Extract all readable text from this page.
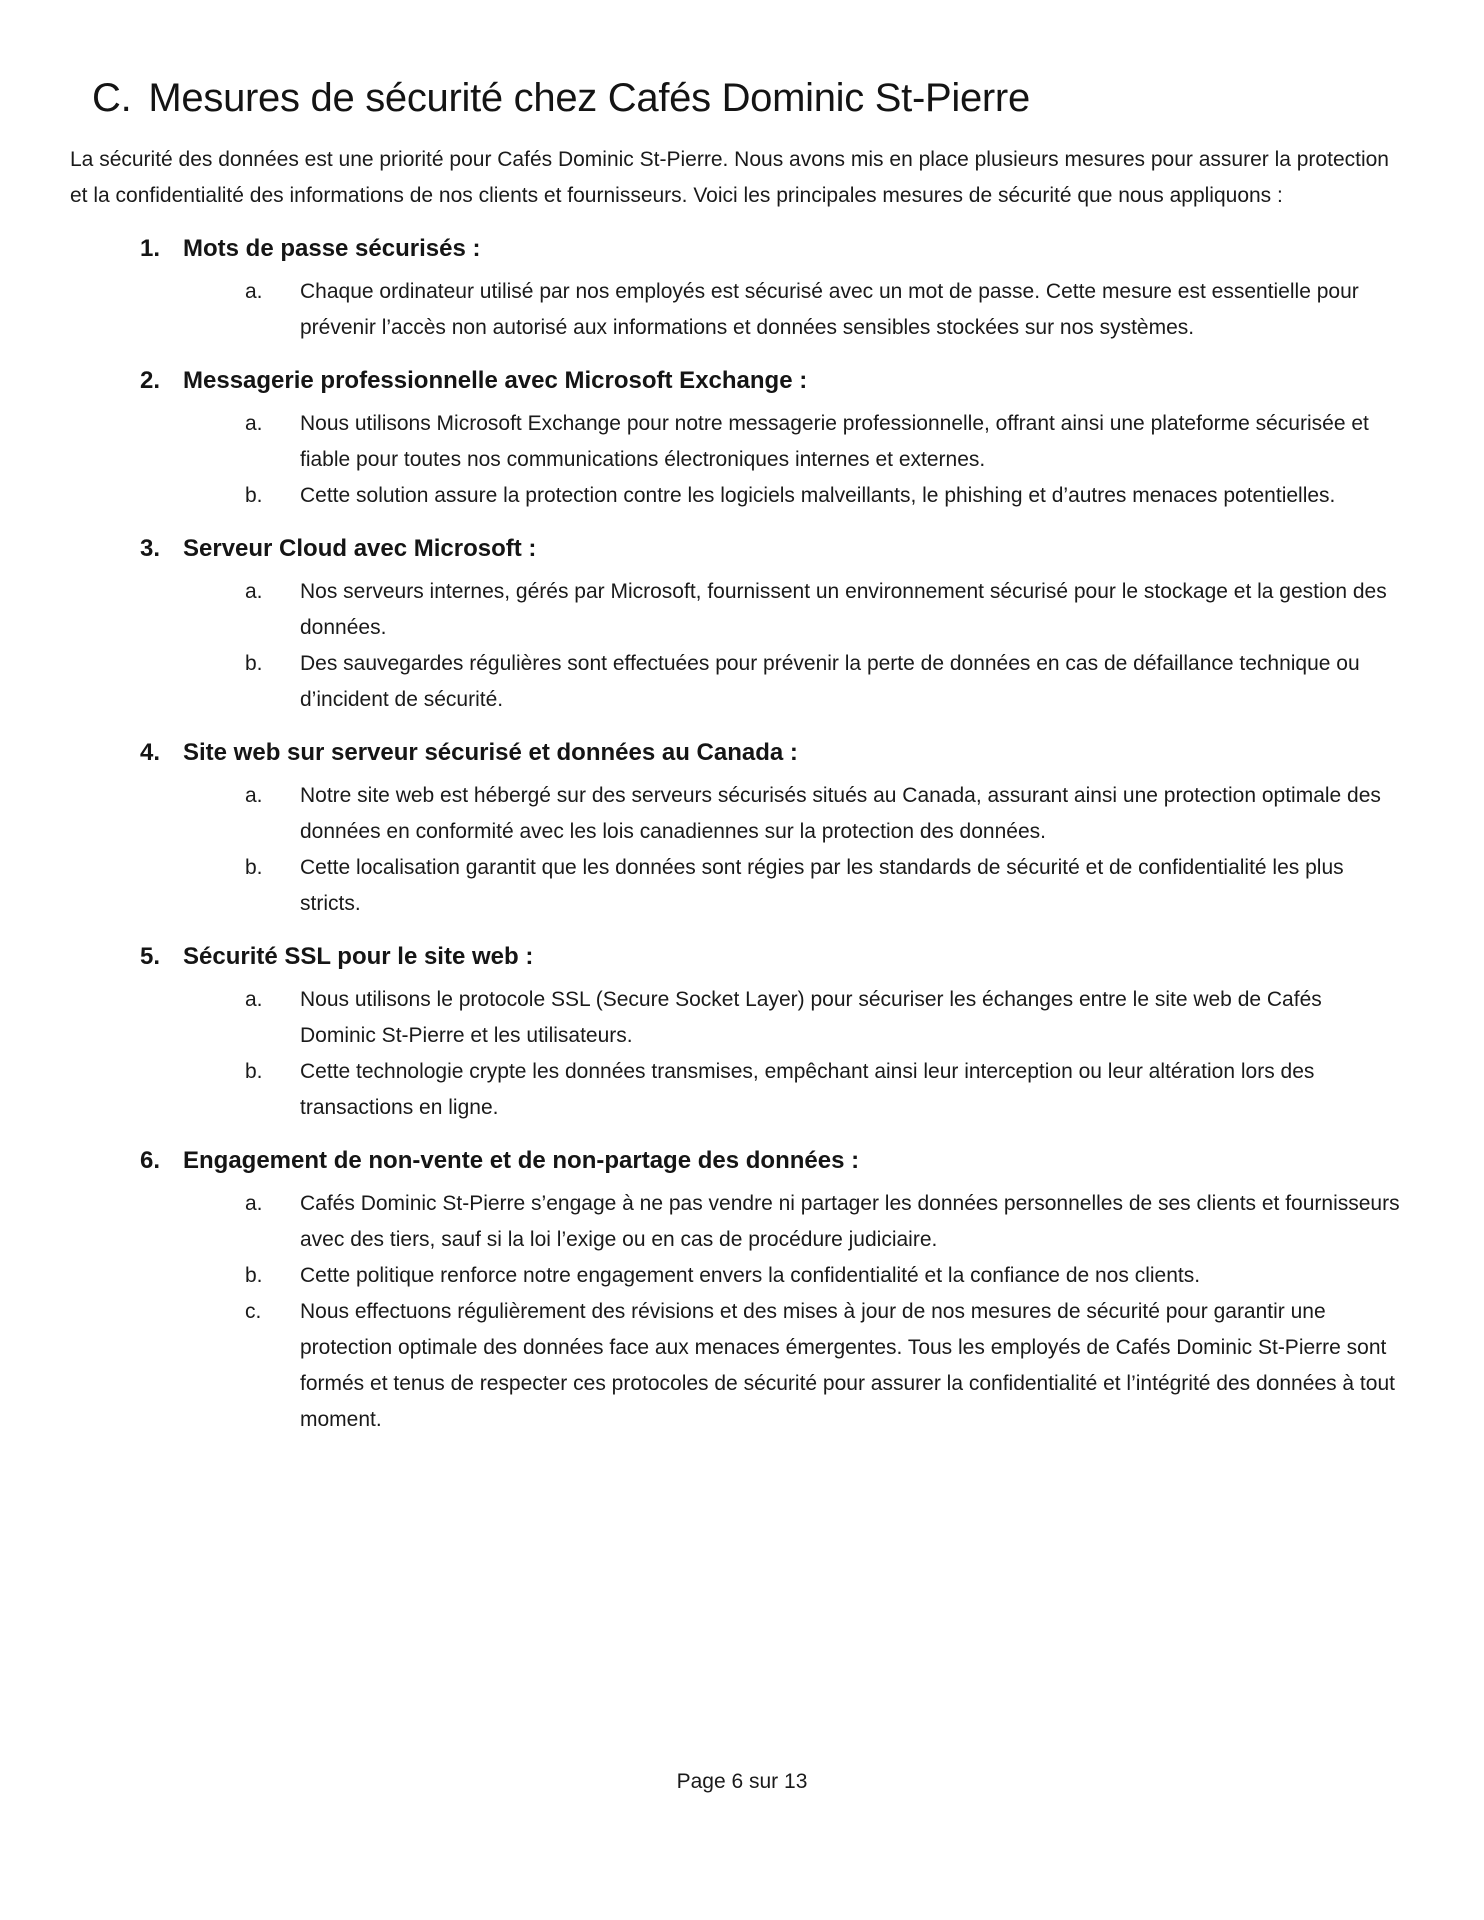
C. Mesures de sécurité chez Cafés Dominic St-Pierre

La sécurité des données est une priorité pour Cafés Dominic St-Pierre. Nous avons mis en place plusieurs mesures pour assurer la protection et la confidentialité des informations de nos clients et fournisseurs. Voici les principales mesures de sécurité que nous appliquons :

1. Mots de passe sécurisés :
a.	Chaque ordinateur utilisé par nos employés est sécurisé avec un mot de passe. Cette mesure est essentielle pour prévenir l’accès non autorisé aux informations et données sensibles stockées sur nos systèmes.
2. Messagerie professionnelle avec Microsoft Exchange :
a.	Nous utilisons Microsoft Exchange pour notre messagerie professionnelle, offrant ainsi une plateforme sécurisée et fiable pour toutes nos communications électroniques internes et externes.
b.	Cette solution assure la protection contre les logiciels malveillants, le phishing et d’autres menaces potentielles.
3. Serveur Cloud avec Microsoft :
a.	Nos serveurs internes, gérés par Microsoft, fournissent un environnement sécurisé pour le stockage et la gestion des données.
b.	Des sauvegardes régulières sont effectuées pour prévenir la perte de données en cas de défaillance technique ou d’incident de sécurité.
4. Site web sur serveur sécurisé et données au Canada :
a.	Notre site web est hébergé sur des serveurs sécurisés situés au Canada, assurant ainsi une protection optimale des données en conformité avec les lois canadiennes sur la protection des données.
b.	Cette localisation garantit que les données sont régies par les standards de sécurité et de confidentialité les plus stricts.
5. Sécurité SSL pour le site web :
a.	Nous utilisons le protocole SSL (Secure Socket Layer) pour sécuriser les échanges entre le site web de Cafés Dominic St-Pierre et les utilisateurs.
b.	Cette technologie crypte les données transmises, empêchant ainsi leur interception ou leur altération lors des transactions en ligne.
6. Engagement de non-vente et de non-partage des données :
a.	Cafés Dominic St-Pierre s’engage à ne pas vendre ni partager les données personnelles de ses clients et fournisseurs avec des tiers, sauf si la loi l’exige ou en cas de procédure judiciaire.
b.	Cette politique renforce notre engagement envers la confidentialité et la confiance de nos clients.
c.	Nous effectuons régulièrement des révisions et des mises à jour de nos mesures de sécurité pour garantir une protection optimale des données face aux menaces émergentes. Tous les employés de Cafés Dominic St-Pierre sont formés et tenus de respecter ces protocoles de sécurité pour assurer la confidentialité et l’intégrité des données à tout moment.
Page 6 sur 13
